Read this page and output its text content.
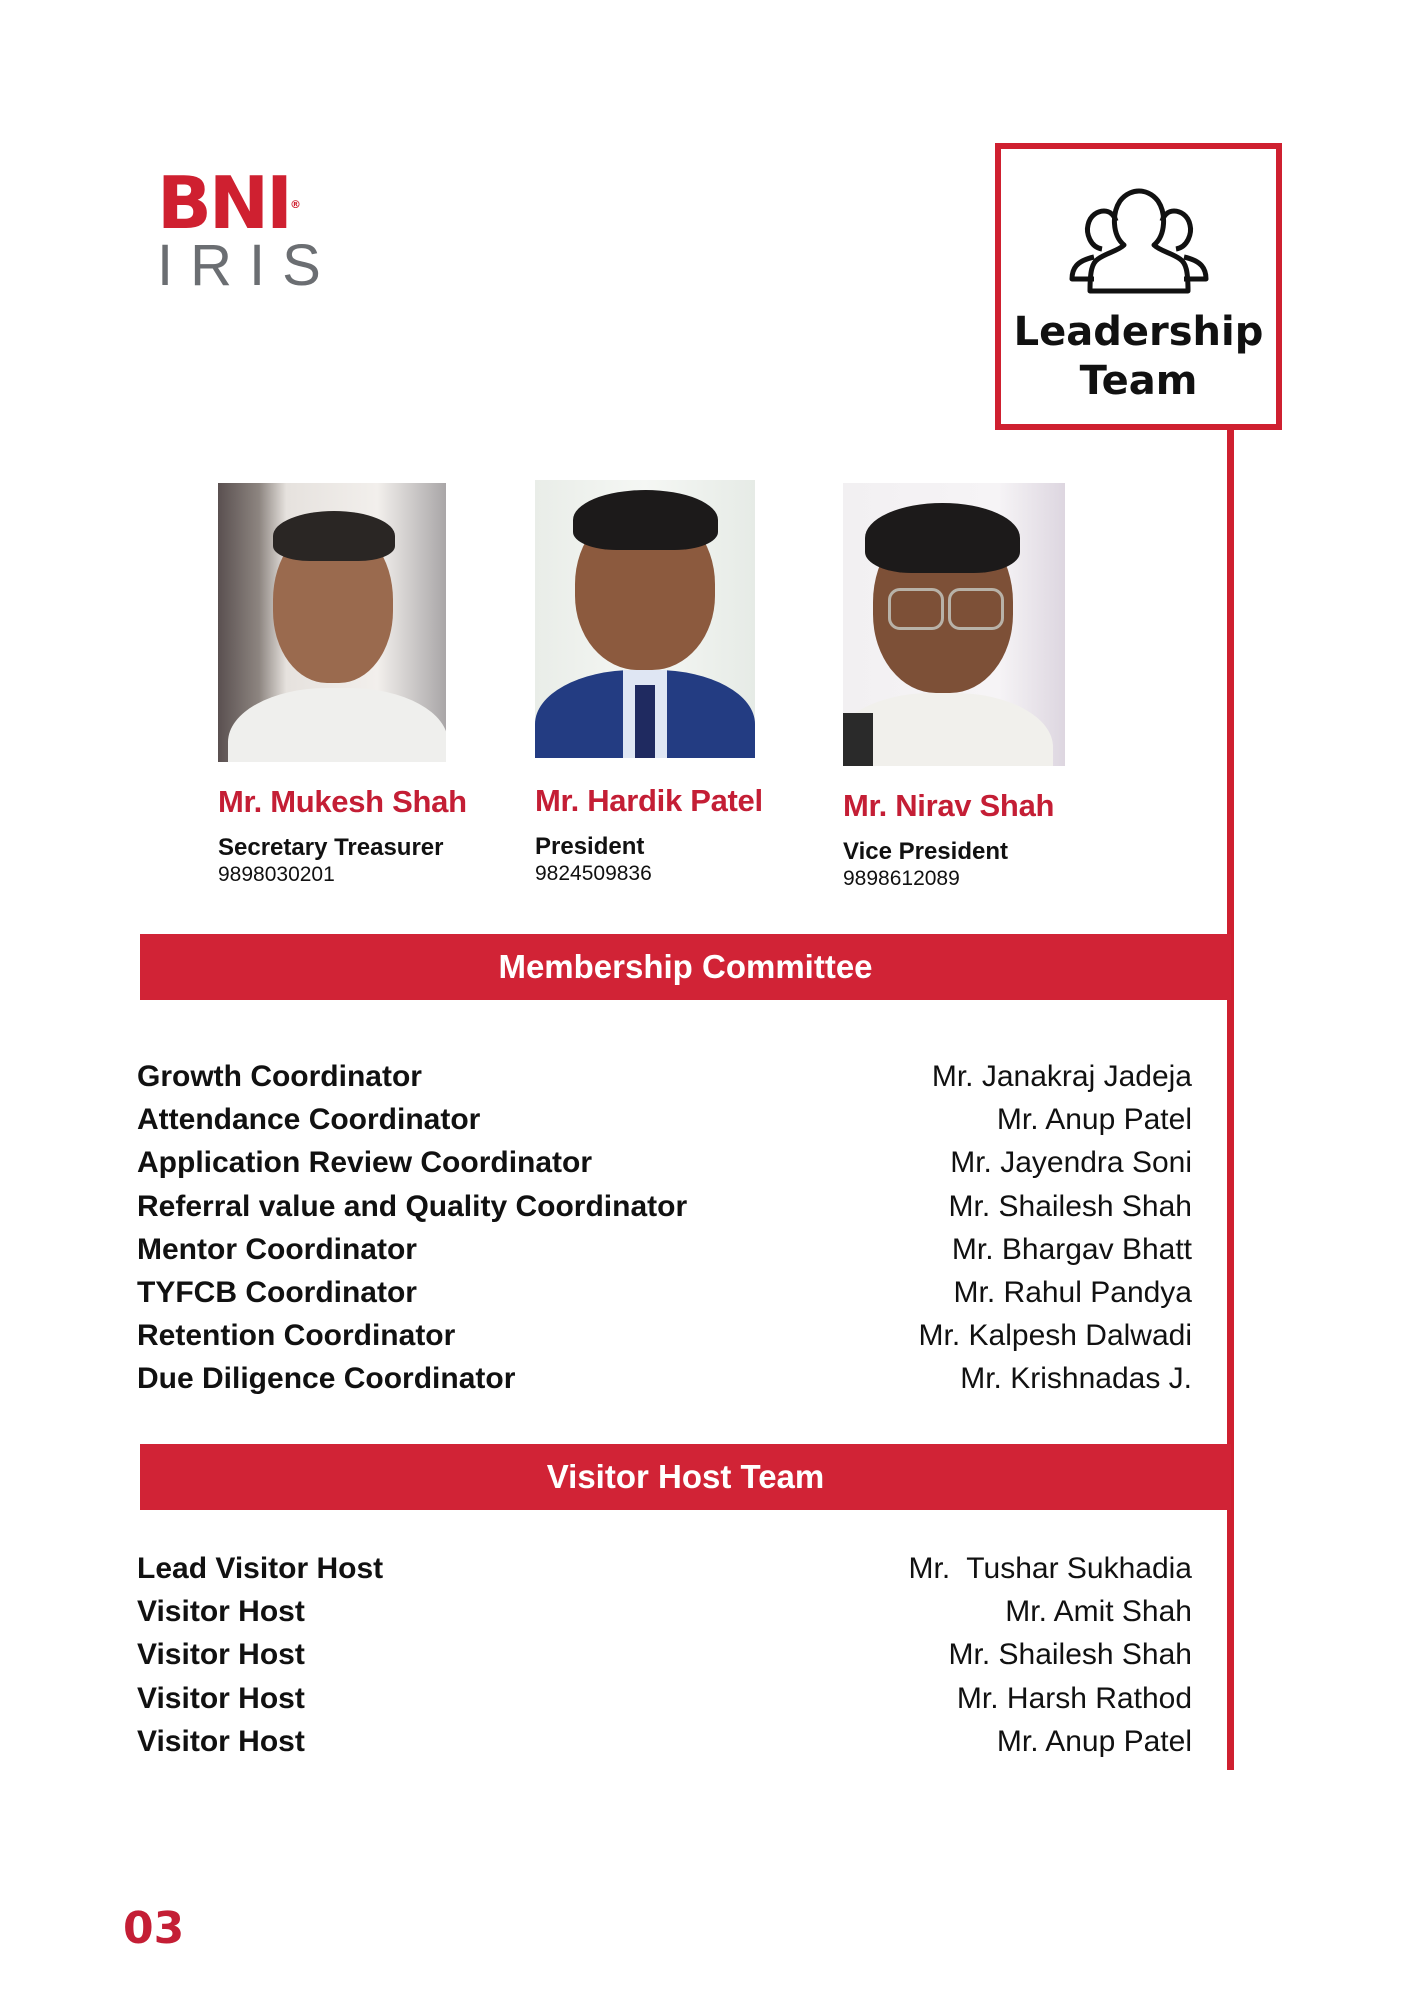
BNI®
IRIS
Leadership
Team
Mr. Mukesh Shah
Secretary Treasurer
9898030201
Mr. Hardik Patel
President
9824509836
Mr. Nirav Shah
Vice President
9898612089
Membership Committee
Growth Coordinator	Mr. Janakraj Jadeja
Attendance Coordinator	Mr. Anup Patel
Application Review Coordinator	Mr. Jayendra Soni
Referral value and Quality Coordinator	Mr. Shailesh Shah
Mentor Coordinator	Mr. Bhargav Bhatt
TYFCB Coordinator	Mr. Rahul Pandya
Retention Coordinator	Mr. Kalpesh Dalwadi
Due Diligence Coordinator	Mr. Krishnadas J.
Visitor Host Team
Lead Visitor Host	Mr.  Tushar Sukhadia
Visitor Host	Mr. Amit Shah
Visitor Host	Mr. Shailesh Shah
Visitor Host	Mr. Harsh Rathod
Visitor Host	Mr. Anup Patel
03
